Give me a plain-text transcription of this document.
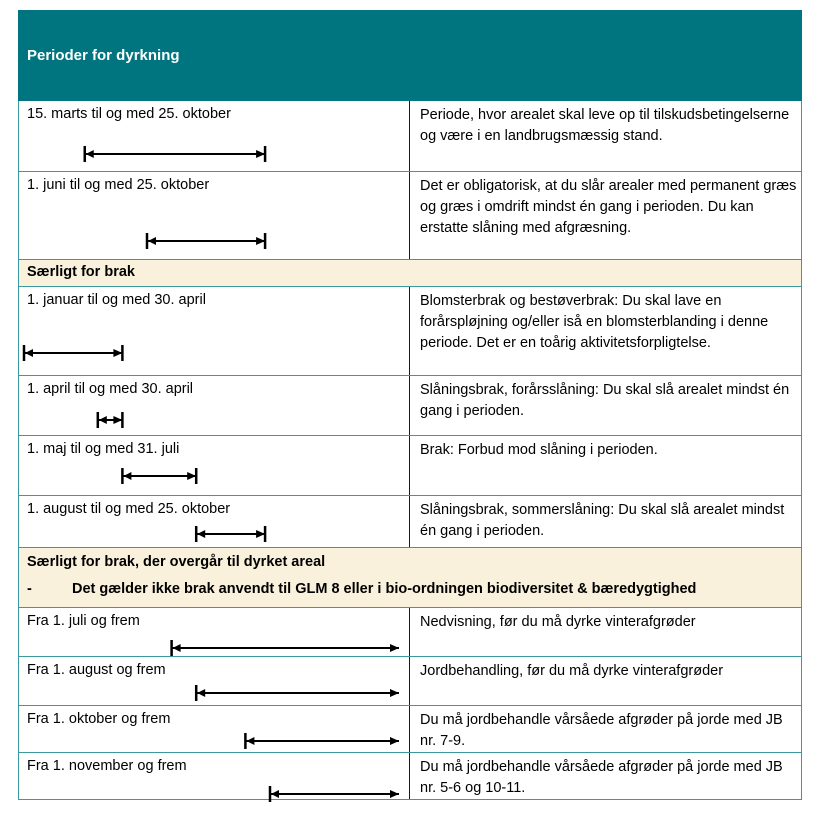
Perioder for dyrkning
15. marts til og med 25. oktober	Periode, hvor arealet skal leve op til tilskudsbetingelserne og være i en landbrugsmæssig stand.
1. juni til og med 25. oktober	Det er obligatorisk, at du slår arealer med permanent græs og græs i omdrift mindst én gang i perioden. Du kan erstatte slåning med afgræsning.
Særligt for brak
1. januar til og med 30. april	Blomsterbrak og bestøverbrak: Du skal lave en forårspløjning og/eller iså en blomsterblanding i denne periode. Det er en toårig aktivitetsforpligtelse.
1. april til og med 30. april	Slåningsbrak, forårsslåning: Du skal slå arealet mindst én gang i perioden.
1. maj til og med 31. juli	Brak: Forbud mod slåning i perioden.
1. august til og med 25. oktober	Slåningsbrak, sommerslåning: Du skal slå arealet mindst én gang i perioden.
Særligt for brak, der overgår til dyrket areal
-	Det gælder ikke brak anvendt til GLM 8 eller i bio-ordningen biodiversitet & bæredygtighed
Fra 1. juli og frem	Nedvisning, før du må dyrke vinterafgrøder
Fra 1. august og frem	Jordbehandling, før du må dyrke vinterafgrøder
Fra 1. oktober og frem	Du må jordbehandle vårsåede afgrøder på jorde med JB nr. 7-9.
Fra 1. november og frem	Du må jordbehandle vårsåede afgrøder på jorde med JB nr. 5-6 og 10-11.
